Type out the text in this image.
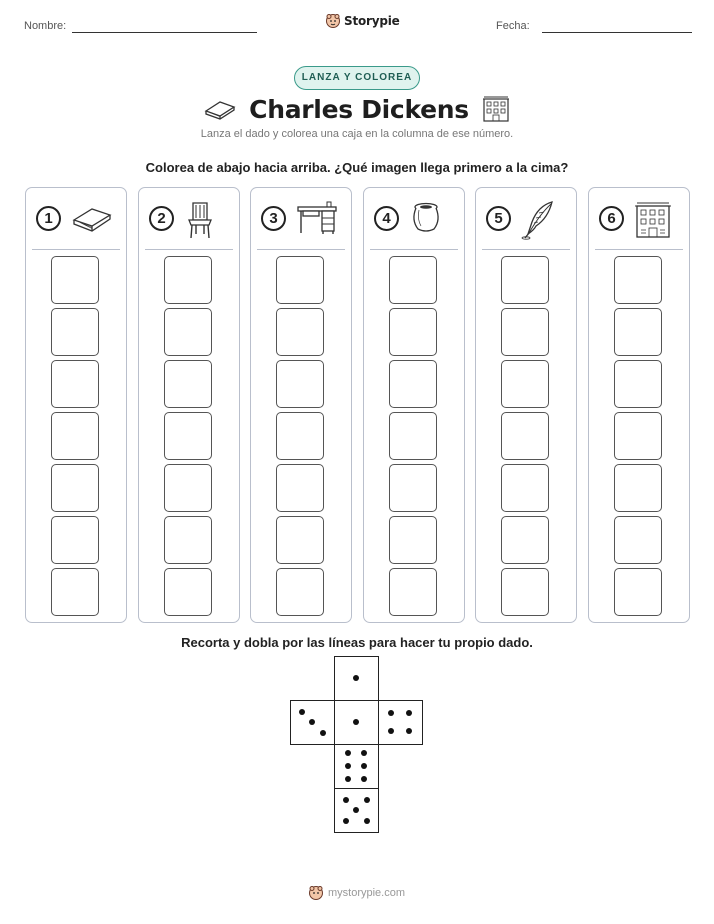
Nombre:	Storypie	Fecha:
LANZA Y COLOREA
Charles Dickens
Lanza el dado y colorea una caja en la columna de ese número.
Colorea de abajo hacia arriba. ¿Qué imagen llega primero a la cima?
1	2	3	4	5	6
Recorta y dobla por las líneas para hacer tu propio dado.
mystorypie.com
